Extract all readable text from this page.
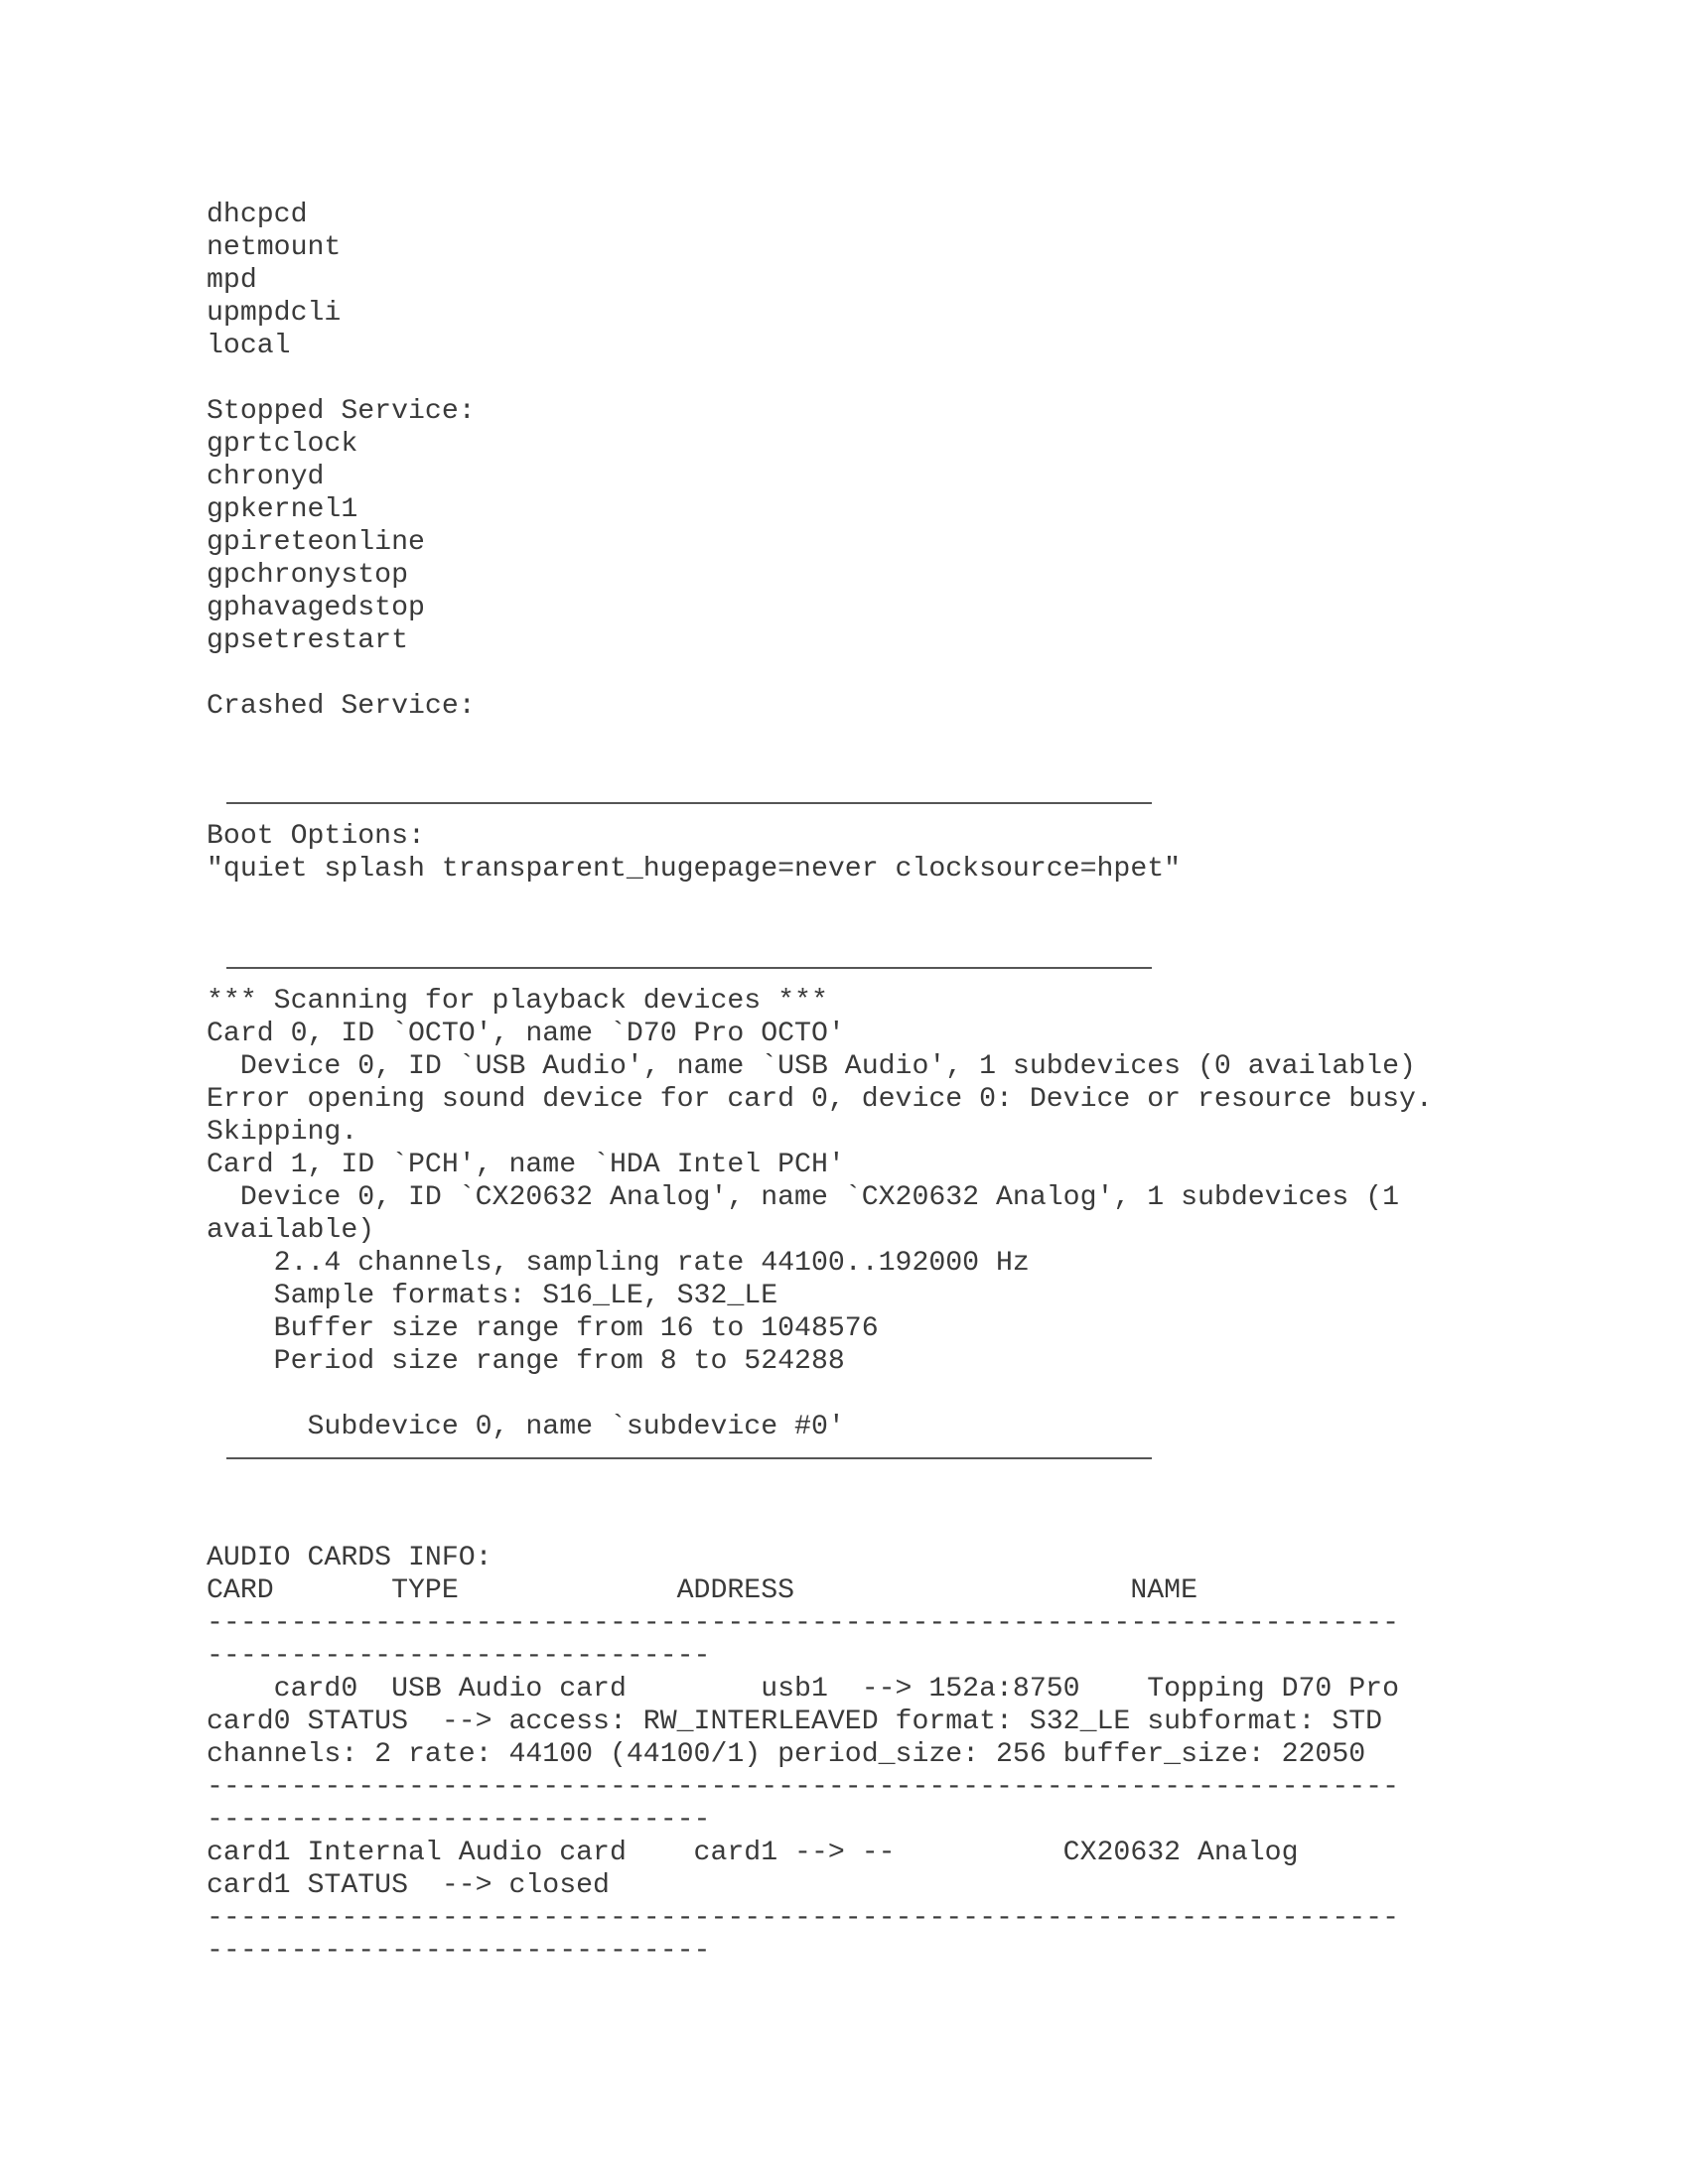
dhcpcd

netmount

mpd

upmpdcli

local

Stopped Service:

gprtclock

chronyd

gpkernel1

gpireteonline

gpchronystop

gphavagedstop

gpsetrestart

Crashed Service:

Boot Options:

"quiet splash transparent_hugepage=never clocksource=hpet"

*** Scanning for playback devices ***

Card 0, ID `OCTO', name `D70 Pro OCTO'

Device 0, ID `USB Audio', name `USB Audio', 1 subdevices (0 available)

Error opening sound device for card 0, device 0: Device or resource busy.

Skipping.

Card 1, ID `PCH', name `HDA Intel PCH'

Device 0, ID `CX20632 Analog', name `CX20632 Analog', 1 subdevices (1

available)

2..4 channels, sampling rate 44100..192000 Hz

Sample formats: S16_LE, S32_LE

Buffer size range from 16 to 1048576

Period size range from 8 to 524288

Subdevice 0, name `subdevice #0'

AUDIO CARDS INFO:

CARD       TYPE             ADDRESS                    NAME

-----------------------------------------------------------------------

------------------------------

card0  USB Audio card        usb1  --> 152a:8750    Topping D70 Pro

card0 STATUS  --> access: RW_INTERLEAVED format: S32_LE subformat: STD

channels: 2 rate: 44100 (44100/1) period_size: 256 buffer_size: 22050

-----------------------------------------------------------------------

------------------------------

card1 Internal Audio card    card1 --> --          CX20632 Analog

card1 STATUS  --> closed

-----------------------------------------------------------------------

------------------------------
